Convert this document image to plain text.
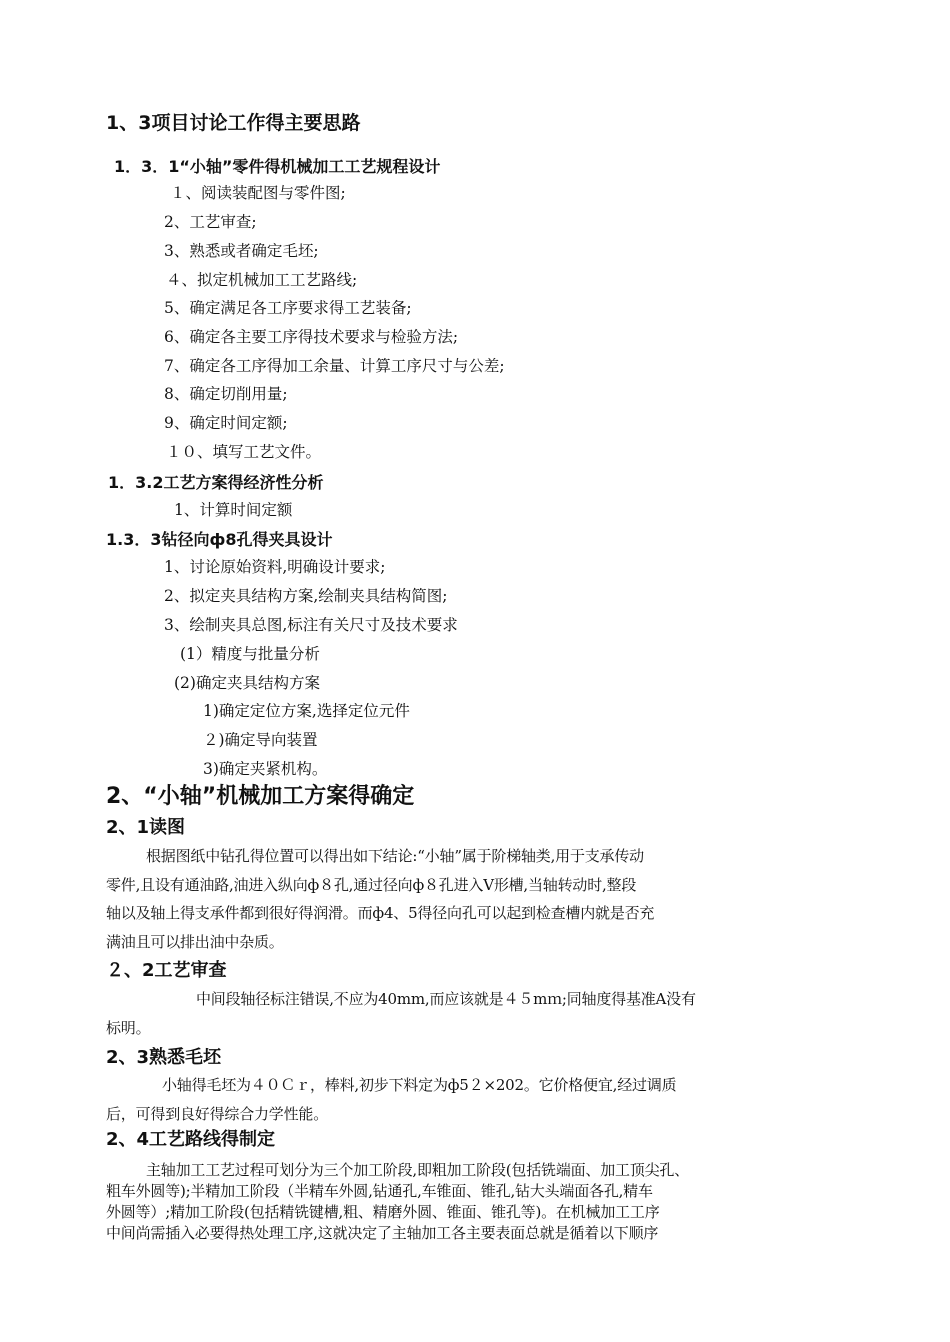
1、3项目讨论工作得主要思路
1．3．1“小轴”零件得机械加工工艺规程设计
１、阅读装配图与零件图;
2、工艺审查;
3、熟悉或者确定毛坯;
４、拟定机械加工工艺路线;
5、确定满足各工序要求得工艺装备;
6、确定各主要工序得技术要求与检验方法;
7、确定各工序得加工余量、计算工序尺寸与公差;
8、确定切削用量;
9、确定时间定额;
１０、填写工艺文件。
1．3.2工艺方案得经济性分析
1、计算时间定额
1.3．3钻径向ф8孔得夹具设计
1、讨论原始资料,明确设计要求;
2、拟定夹具结构方案,绘制夹具结构简图;
3、绘制夹具总图,标注有关尺寸及技术要求
(1）精度与批量分析
(2)确定夹具结构方案
1)确定定位方案,选择定位元件
２)确定导向装置
3)确定夹紧机构。
2、“小轴”机械加工方案得确定
2、1读图
根据图纸中钻孔得位置可以得出如下结论:“小轴”属于阶梯轴类,用于支承传动
零件,且设有通油路,油进入纵向ф８孔,通过径向ф８孔进入V形槽,当轴转动时,整段
轴以及轴上得支承件都到很好得润滑。而ф4、5得径向孔可以起到检查槽内就是否充
满油且可以排出油中杂质。
２、2工艺审查
中间段轴径标注错误,不应为40mm,而应该就是４５mｍ;同轴度得基准A没有
标明。
2、3熟悉毛坯
小轴得毛坯为４０Ｃｒ，棒料,初步下料定为ф5２×202。它价格便宜,经过调质
后，可得到良好得综合力学性能。
2、4工艺路线得制定
主轴加工工艺过程可划分为三个加工阶段,即粗加工阶段(包括铣端面、加工顶尖孔、
粗车外圆等);半精加工阶段（半精车外圆,钻通孔,车锥面、锥孔,钻大头端面各孔,精车
外圆等）;精加工阶段(包括精铣键槽,粗、精磨外圆、锥面、锥孔等)。在机械加工工序
中间尚需插入必要得热处理工序,这就决定了主轴加工各主要表面总就是循着以下顺序
